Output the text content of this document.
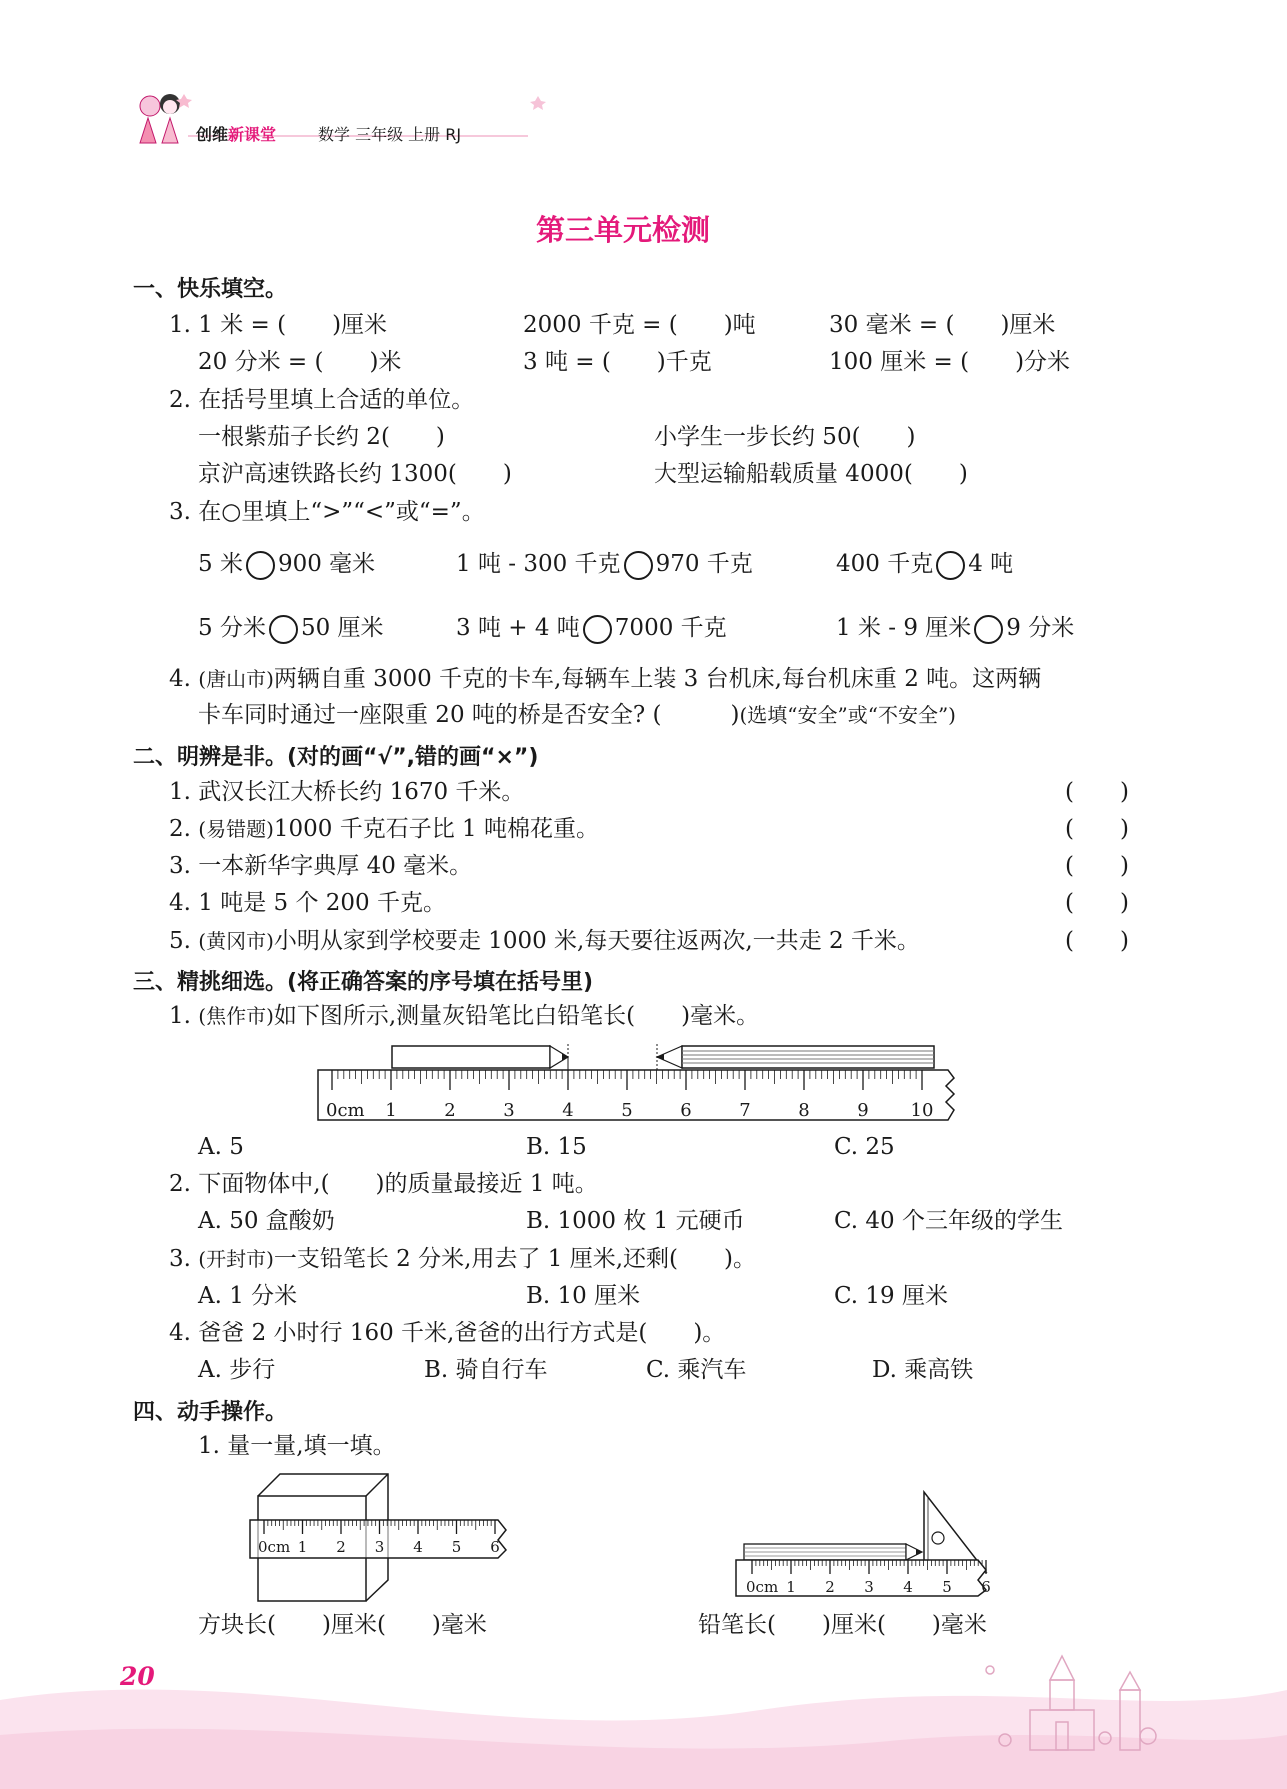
创维新课堂	数学 三年级 上册 RJ
第三单元检测
一、快乐填空。
1. 1 米 = (　　)厘米	2000 千克 = (　　)吨	30 毫米 = (　　)厘米
20 分米 = (　　)米	3 吨 = (　　)千克	100 厘米 = (　　)分米
2. 在括号里填上合适的单位。
一根紫茄子长约 2(　　)	小学生一步长约 50(　　)
京沪高速铁路长约 1300(　　)	大型运输船载质量 4000(　　)
3. 在○里填上“>”“<”或“=”。
5 米 900 毫米	1 吨 - 300 千克 970 千克	400 千克 4 吨
5 分米 50 厘米	3 吨 + 4 吨 7000 千克	1 米 - 9 厘米 9 分米
4. (唐山市)两辆自重 3000 千克的卡车,每辆车上装 3 台机床,每台机床重 2 吨。这两辆
卡车同时通过一座限重 20 吨的桥是否安全? (　　　)(选填“安全”或“不安全”)
二、明辨是非。(对的画“√”,错的画“×”)
1. 武汉长江大桥长约 1670 千米。	(　　)
2. (易错题)1000 千克石子比 1 吨棉花重。	(　　)
3. 一本新华字典厚 40 毫米。	(　　)
4. 1 吨是 5 个 200 千克。	(　　)
5. (黄冈市)小明从家到学校要走 1000 米,每天要往返两次,一共走 2 千米。	(　　)
三、精挑细选。(将正确答案的序号填在括号里)
1. (焦作市)如下图所示,测量灰铅笔比白铅笔长(　　)毫米。
0cm 1	2	3	4	5	6	7	8	9 10
A. 5	B. 15	C. 25
2. 下面物体中,(　　)的质量最接近 1 吨。
A. 50 盒酸奶	B. 1000 枚 1 元硬币	C. 40 个三年级的学生
3. (开封市)一支铅笔长 2 分米,用去了 1 厘米,还剩(　　)。
A. 1 分米	B. 10 厘米	C. 19 厘米
4. 爸爸 2 小时行 160 千米,爸爸的出行方式是(　　)。
A. 步行	B. 骑自行车	C. 乘汽车	D. 乘高铁
四、动手操作。
1. 量一量,填一填。
0cm 1 2 3 4 5 6
0cm 1 2 3 4 5 6
方块长(　　)厘米(　　)毫米	铅笔长(　　)厘米(　　)毫米
20
